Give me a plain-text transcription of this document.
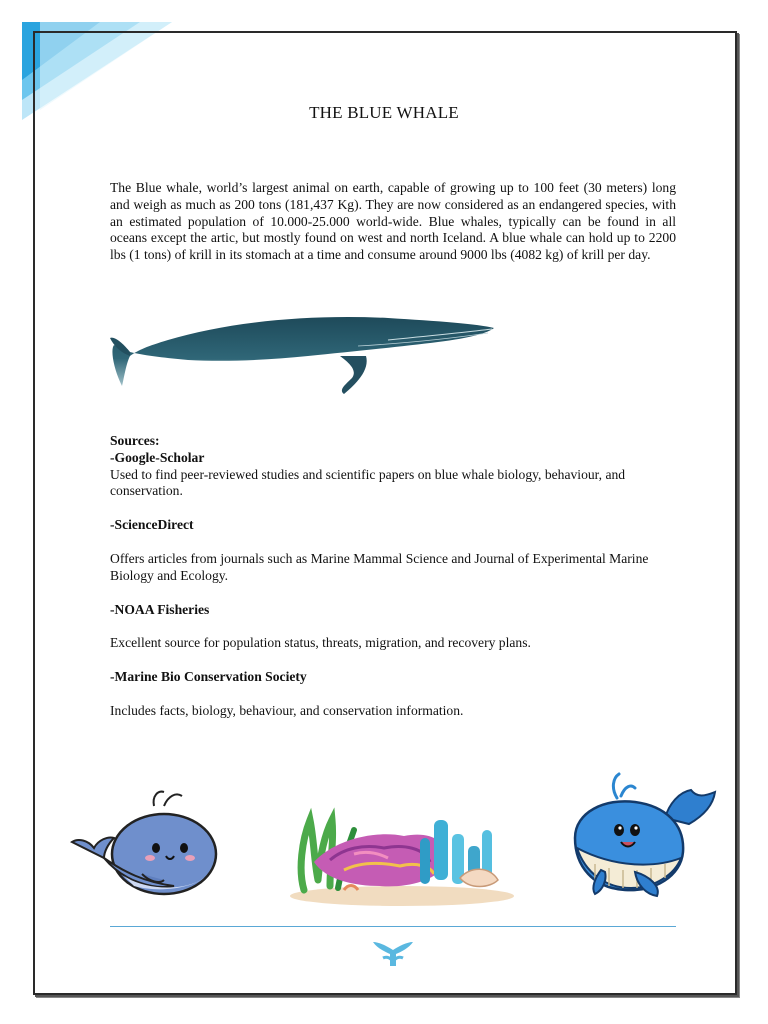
THE BLUE WHALE
The Blue whale, world’s largest animal on earth, capable of growing up to 100 feet (30 meters) long and weigh as much as 200 tons (181,437 Kg). They are now considered as an endangered species, with an estimated population of 10.000-25.000 world-wide. Blue whales, typically can be found in all oceans except the artic, but mostly found on west and north Iceland. A blue whale can hold up to 2200 lbs (1 tons) of krill in its stomach at a time and consume around 9000 lbs (4082 kg) of krill per day.

Sources:

-Google-Scholar

Used to find peer-reviewed studies and scientific papers on blue whale biology, behaviour, and conservation.

-ScienceDirect

Offers articles from journals such as Marine Mammal Science and Journal of Experimental Marine Biology and Ecology.

-NOAA Fisheries

Excellent source for population status, threats, migration, and recovery plans.

-Marine Bio Conservation Society

Includes facts, biology, behaviour, and conservation information.
